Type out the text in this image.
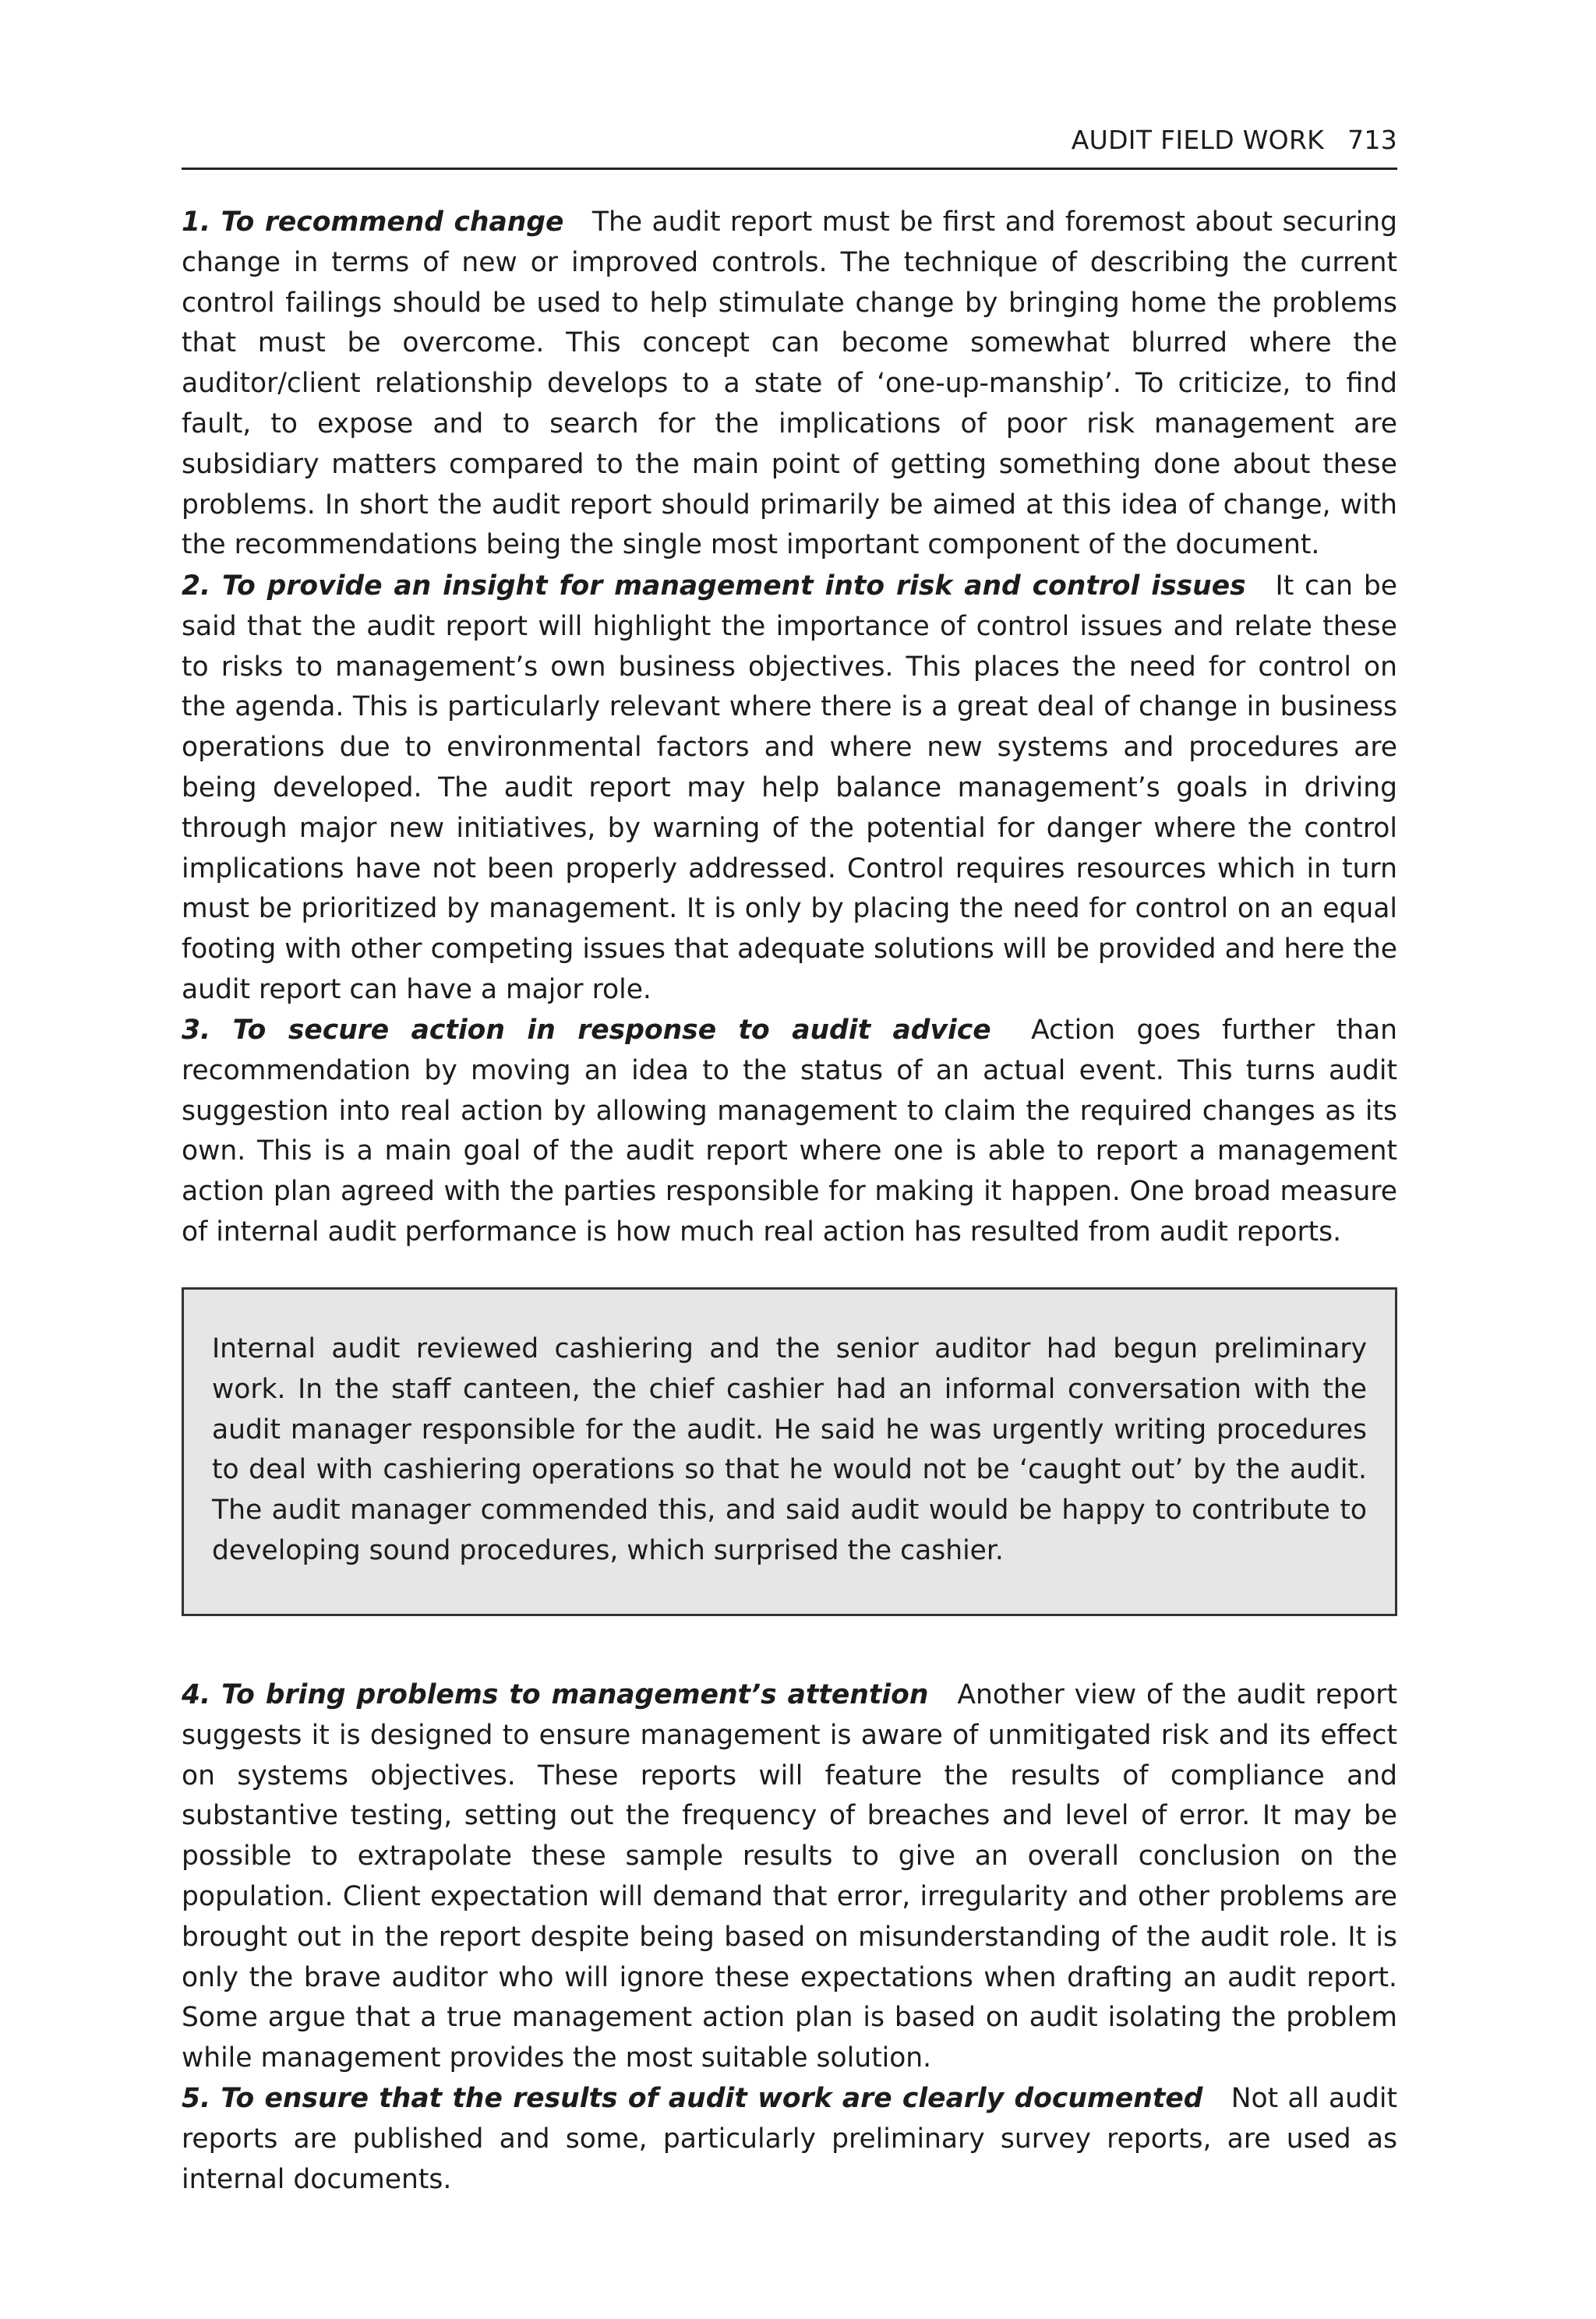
AUDIT FIELD WORK 713

1. To recommend change The audit report must be first and foremost about securing change in terms of new or improved controls. The technique of describing the current control failings should be used to help stimulate change by bringing home the problems that must be overcome. This concept can become somewhat blurred where the auditor/client relationship develops to a state of ‘one-up-manship’. To criticize, to find fault, to expose and to search for the implications of poor risk management are subsidiary matters compared to the main point of getting something done about these problems. In short the audit report should primarily be aimed at this idea of change, with the recommendations being the single most important component of the document.

2. To provide an insight for management into risk and control issues It can be said that the audit report will highlight the importance of control issues and relate these to risks to management’s own business objectives. This places the need for control on the agenda. This is particularly relevant where there is a great deal of change in business operations due to environmental factors and where new systems and procedures are being developed. The audit report may help balance management’s goals in driving through major new initiatives, by warning of the potential for danger where the control implications have not been properly addressed. Control requires resources which in turn must be prioritized by management. It is only by placing the need for control on an equal footing with other competing issues that adequate solutions will be provided and here the audit report can have a major role.

3. To secure action in response to audit advice Action goes further than recommendation by moving an idea to the status of an actual event. This turns audit suggestion into real action by allowing management to claim the required changes as its own. This is a main goal of the audit report where one is able to report a management action plan agreed with the parties responsible for making it happen. One broad measure of internal audit performance is how much real action has resulted from audit reports.

Internal audit reviewed cashiering and the senior auditor had begun preliminary work. In the staff canteen, the chief cashier had an informal conversation with the audit manager responsible for the audit. He said he was urgently writing procedures to deal with cashiering operations so that he would not be ‘caught out’ by the audit. The audit manager commended this, and said audit would be happy to contribute to developing sound procedures, which surprised the cashier.

4. To bring problems to management’s attention Another view of the audit report suggests it is designed to ensure management is aware of unmitigated risk and its effect on systems objectives. These reports will feature the results of compliance and substantive testing, setting out the frequency of breaches and level of error. It may be possible to extrapolate these sample results to give an overall conclusion on the population. Client expectation will demand that error, irregularity and other problems are brought out in the report despite being based on misunderstanding of the audit role. It is only the brave auditor who will ignore these expectations when drafting an audit report. Some argue that a true management action plan is based on audit isolating the problem while management provides the most suitable solution.

5. To ensure that the results of audit work are clearly documented Not all audit reports are published and some, particularly preliminary survey reports, are used as internal documents.
